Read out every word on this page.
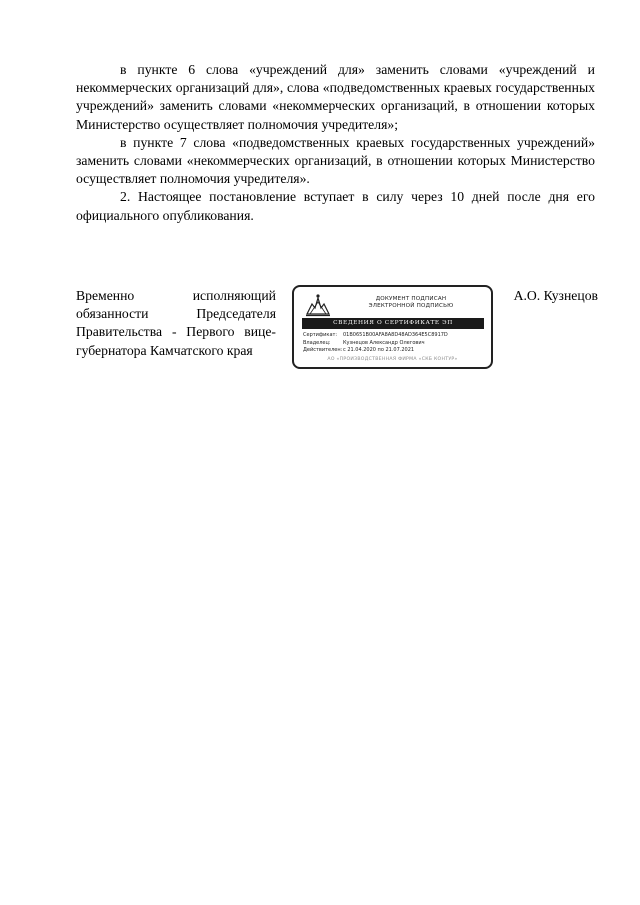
в пункте 6 слова «учреждений для» заменить словами «учреждений и некоммерческих организаций для», слова «подведомственных краевых государственных учреждений» заменить словами «некоммерческих организаций, в отношении которых Министерство осуществляет полномочия учредителя»;

в пункте 7 слова «подведомственных краевых государственных учреждений» заменить словами «некоммерческих организаций, в отношении которых Министерство осуществляет полномочия учредителя».

2. Настоящее постановление вступает в силу через 10 дней после дня его официального опубликования.

Временно исполняющий обязанности Председателя Правительства - Первого вице-губернатора Камчатского края
ДОКУМЕНТ ПОДПИСАН
ЭЛЕКТРОННОЙ ПОДПИСЬЮ
СВЕДЕНИЯ О СЕРТИФИКАТЕ ЭП
Сертификат:	01B0651B00AFA8A8D48AD364E5C8917D
Владелец:	Кузнецов Александр Олегович
Действителен: с 21.04.2020 по 21.07.2021
АО «ПРОИЗВОДСТВЕННАЯ ФИРМА «СКБ КОНТУР»
А.О. Кузнецов
